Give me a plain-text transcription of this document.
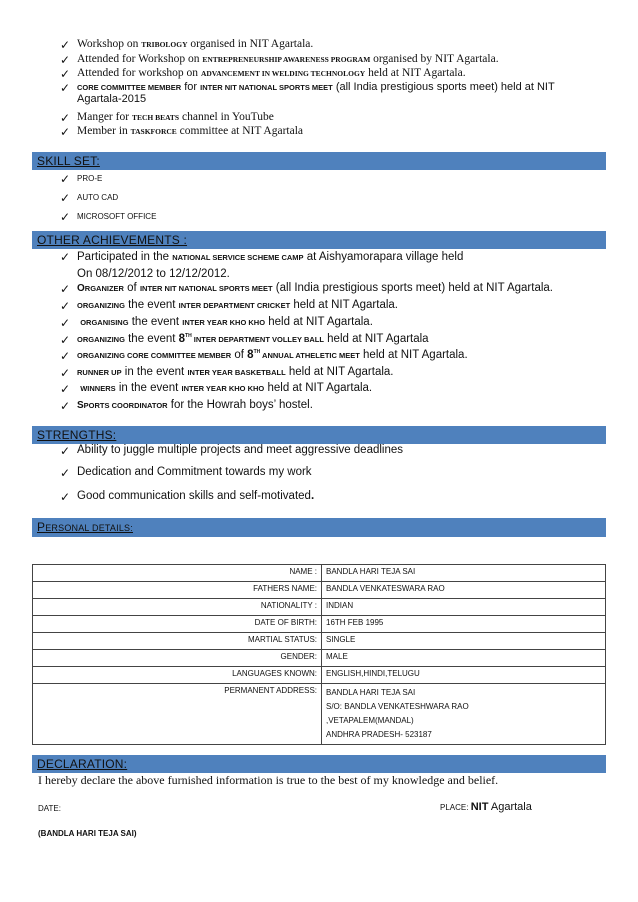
✓ Workshop on TRIBOLOGY organised in NIT Agartala.
✓ Attended for Workshop on ENTREPRENEURSHIP AWARENESS PROGRAM organised by NIT Agartala.
✓ Attended for workshop on ADVANCEMENT IN WELDING TECHNOLOGY held at NIT Agartala.
✓ CORE COMMITTEE MEMBER for INTER NIT NATIONAL SPORTS MEET (all India prestigious sports meet) held at NIT
Agartala-2015
✓ Manger for TECH BEATS channel in YouTube
✓ Member in TASKFORCE committee at NIT Agartala
SKILL SET:
✓ PRO-E
✓ AUTO CAD
✓ MICROSOFT OFFICE
OTHER ACHIEVEMENTS :
✓ Participated in the NATIONAL SERVICE SCHEME CAMP at Aishyamorapara village held
On 08/12/2012 to 12/12/2012.
✓ ORGANIZER of INTER NIT NATIONAL SPORTS MEET (all India prestigious sports meet) held at NIT Agartala.
✓ ORGANIZING the event INTER DEPARTMENT CRICKET held at NIT Agartala.
✓ ORGANISING the event INTER YEAR KHO KHO held at NIT Agartala.
✓ ORGANIZING the event 8TH INTER DEPARTMENT VOLLEY BALL held at NIT Agartala
✓ ORGANIZING CORE COMMITTEE MEMBER of 8TH ANNUAL ATHELETIC MEET held at NIT Agartala.
✓ RUNNER UP in the event INTER YEAR BASKETBALL held at NIT Agartala.
✓ WINNERS in the event INTER YEAR KHO KHO held at NIT Agartala.
✓ SPORTS COORDINATOR for the Howrah boys’ hostel.
STRENGTHS:
✓ Ability to juggle multiple projects and meet aggressive deadlines
✓ Dedication and Commitment towards my work
✓ Good communication skills and self-motivated.
PERSONAL DETAILS:
NAME :	BANDLA HARI TEJA SAI
FATHERS NAME:	BANDLA VENKATESWARA RAO
NATIONALITY :	INDIAN
DATE OF BIRTH:	16TH FEB 1995
MARTIAL STATUS:	SINGLE
GENDER:	MALE
LANGUAGES KNOWN:	ENGLISH,HINDI,TELUGU
PERMANENT ADDRESS:	BANDLA HARI TEJA SAI
S/O: BANDLA VENKATESHWARA RAO
,VETAPALEM(MANDAL)
ANDHRA PRADESH- 523187
DECLARATION:
I hereby declare the above furnished information is true to the best of my knowledge and belief.
DATE:	PLACE: NIT Agartala
(BANDLA HARI TEJA SAI)
